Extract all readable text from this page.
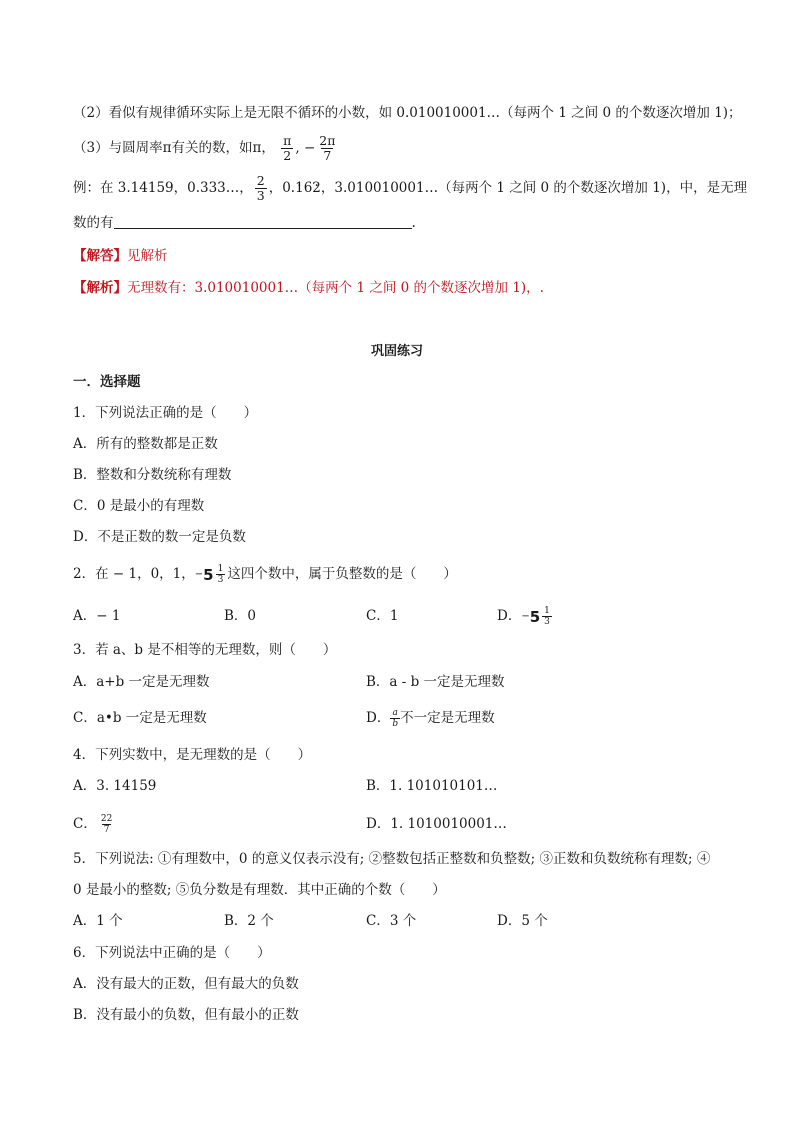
（2）看似有规律循环实际上是无限不循环的小数，如 0.010010001…（每两个 1 之间 0 的个数逐次增加 1)；
（3）与圆周率π有关的数，如π， $\frac{\pi}{2}$ , − $\frac{2\pi}{7}$
例：在 3.14159，0.333…， $\frac{2}{3}$ ，0.· 16· 2，3.010010001…（每两个 1 之间 0 的个数逐次增加 1)，中，是无理
数的有	.
【解答】见解析
【解析】无理数有：3.010010001…（每两个 1 之间 0 的个数逐次增加 1)，.
巩固练习
一．选择题
1．下列说法正确的是（　　）
A．所有的整数都是正数
B．整数和分数统称有理数
C．0 是最小的有理数
D．不是正数的数一定是负数
2．在 − 1，0，1， − $5 \frac{1}{3}$ 这四个数中，属于负整数的是（　　）
A．− 1	B．0	C．1	D． − $5 \frac{1}{3}$
3．若 a、b 是不相等的无理数，则（　　）
A．a+b 一定是无理数	B．a - b 一定是无理数
C．a•b 一定是无理数	D． $\frac{a}{b}$ 不一定是无理数
4．下列实数中，是无理数的是（　　）
A．3. 14159	B．1. 101010101…
C． $\frac{22}{7}$	D．1. 1010010001…
5．下列说法: ①有理数中，0 的意义仅表示没有; ②整数包括正整数和负整数; ③正数和负数统称有理数; ④
0 是最小的整数; ⑤负分数是有理数．其中正确的个数（　　）
A．1 个	B．2 个	C．3 个	D．5 个
6．下列说法中正确的是（　　）
A．没有最大的正数，但有最大的负数
B．没有最小的负数，但有最小的正数
